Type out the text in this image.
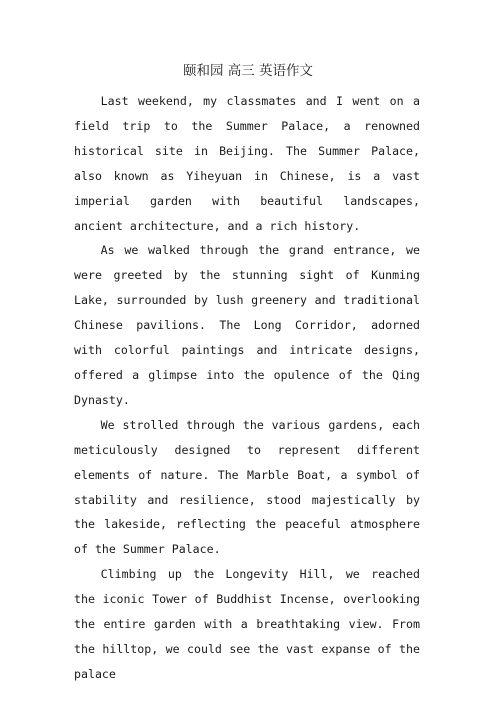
颐和园 高三 英语作文

Last weekend, my classmates and I went on a field trip to the Summer Palace, a renowned historical site in Beijing. The Summer Palace, also known as Yiheyuan in Chinese, is a vast imperial garden with beautiful landscapes, ancient architecture, and a rich history.

As we walked through the grand entrance, we were greeted by the stunning sight of Kunming Lake, surrounded by lush greenery and traditional Chinese pavilions. The Long Corridor, adorned with colorful paintings and intricate designs, offered a glimpse into the opulence of the Qing Dynasty.

We strolled through the various gardens, each meticulously designed to represent different elements of nature. The Marble Boat, a symbol of stability and resilience, stood majestically by the lakeside, reflecting the peaceful atmosphere of the Summer Palace.

Climbing up the Longevity Hill, we reached the iconic Tower of Buddhist Incense, overlooking the entire garden with a breathtaking view. From the hilltop, we could see the vast expanse of the palace
